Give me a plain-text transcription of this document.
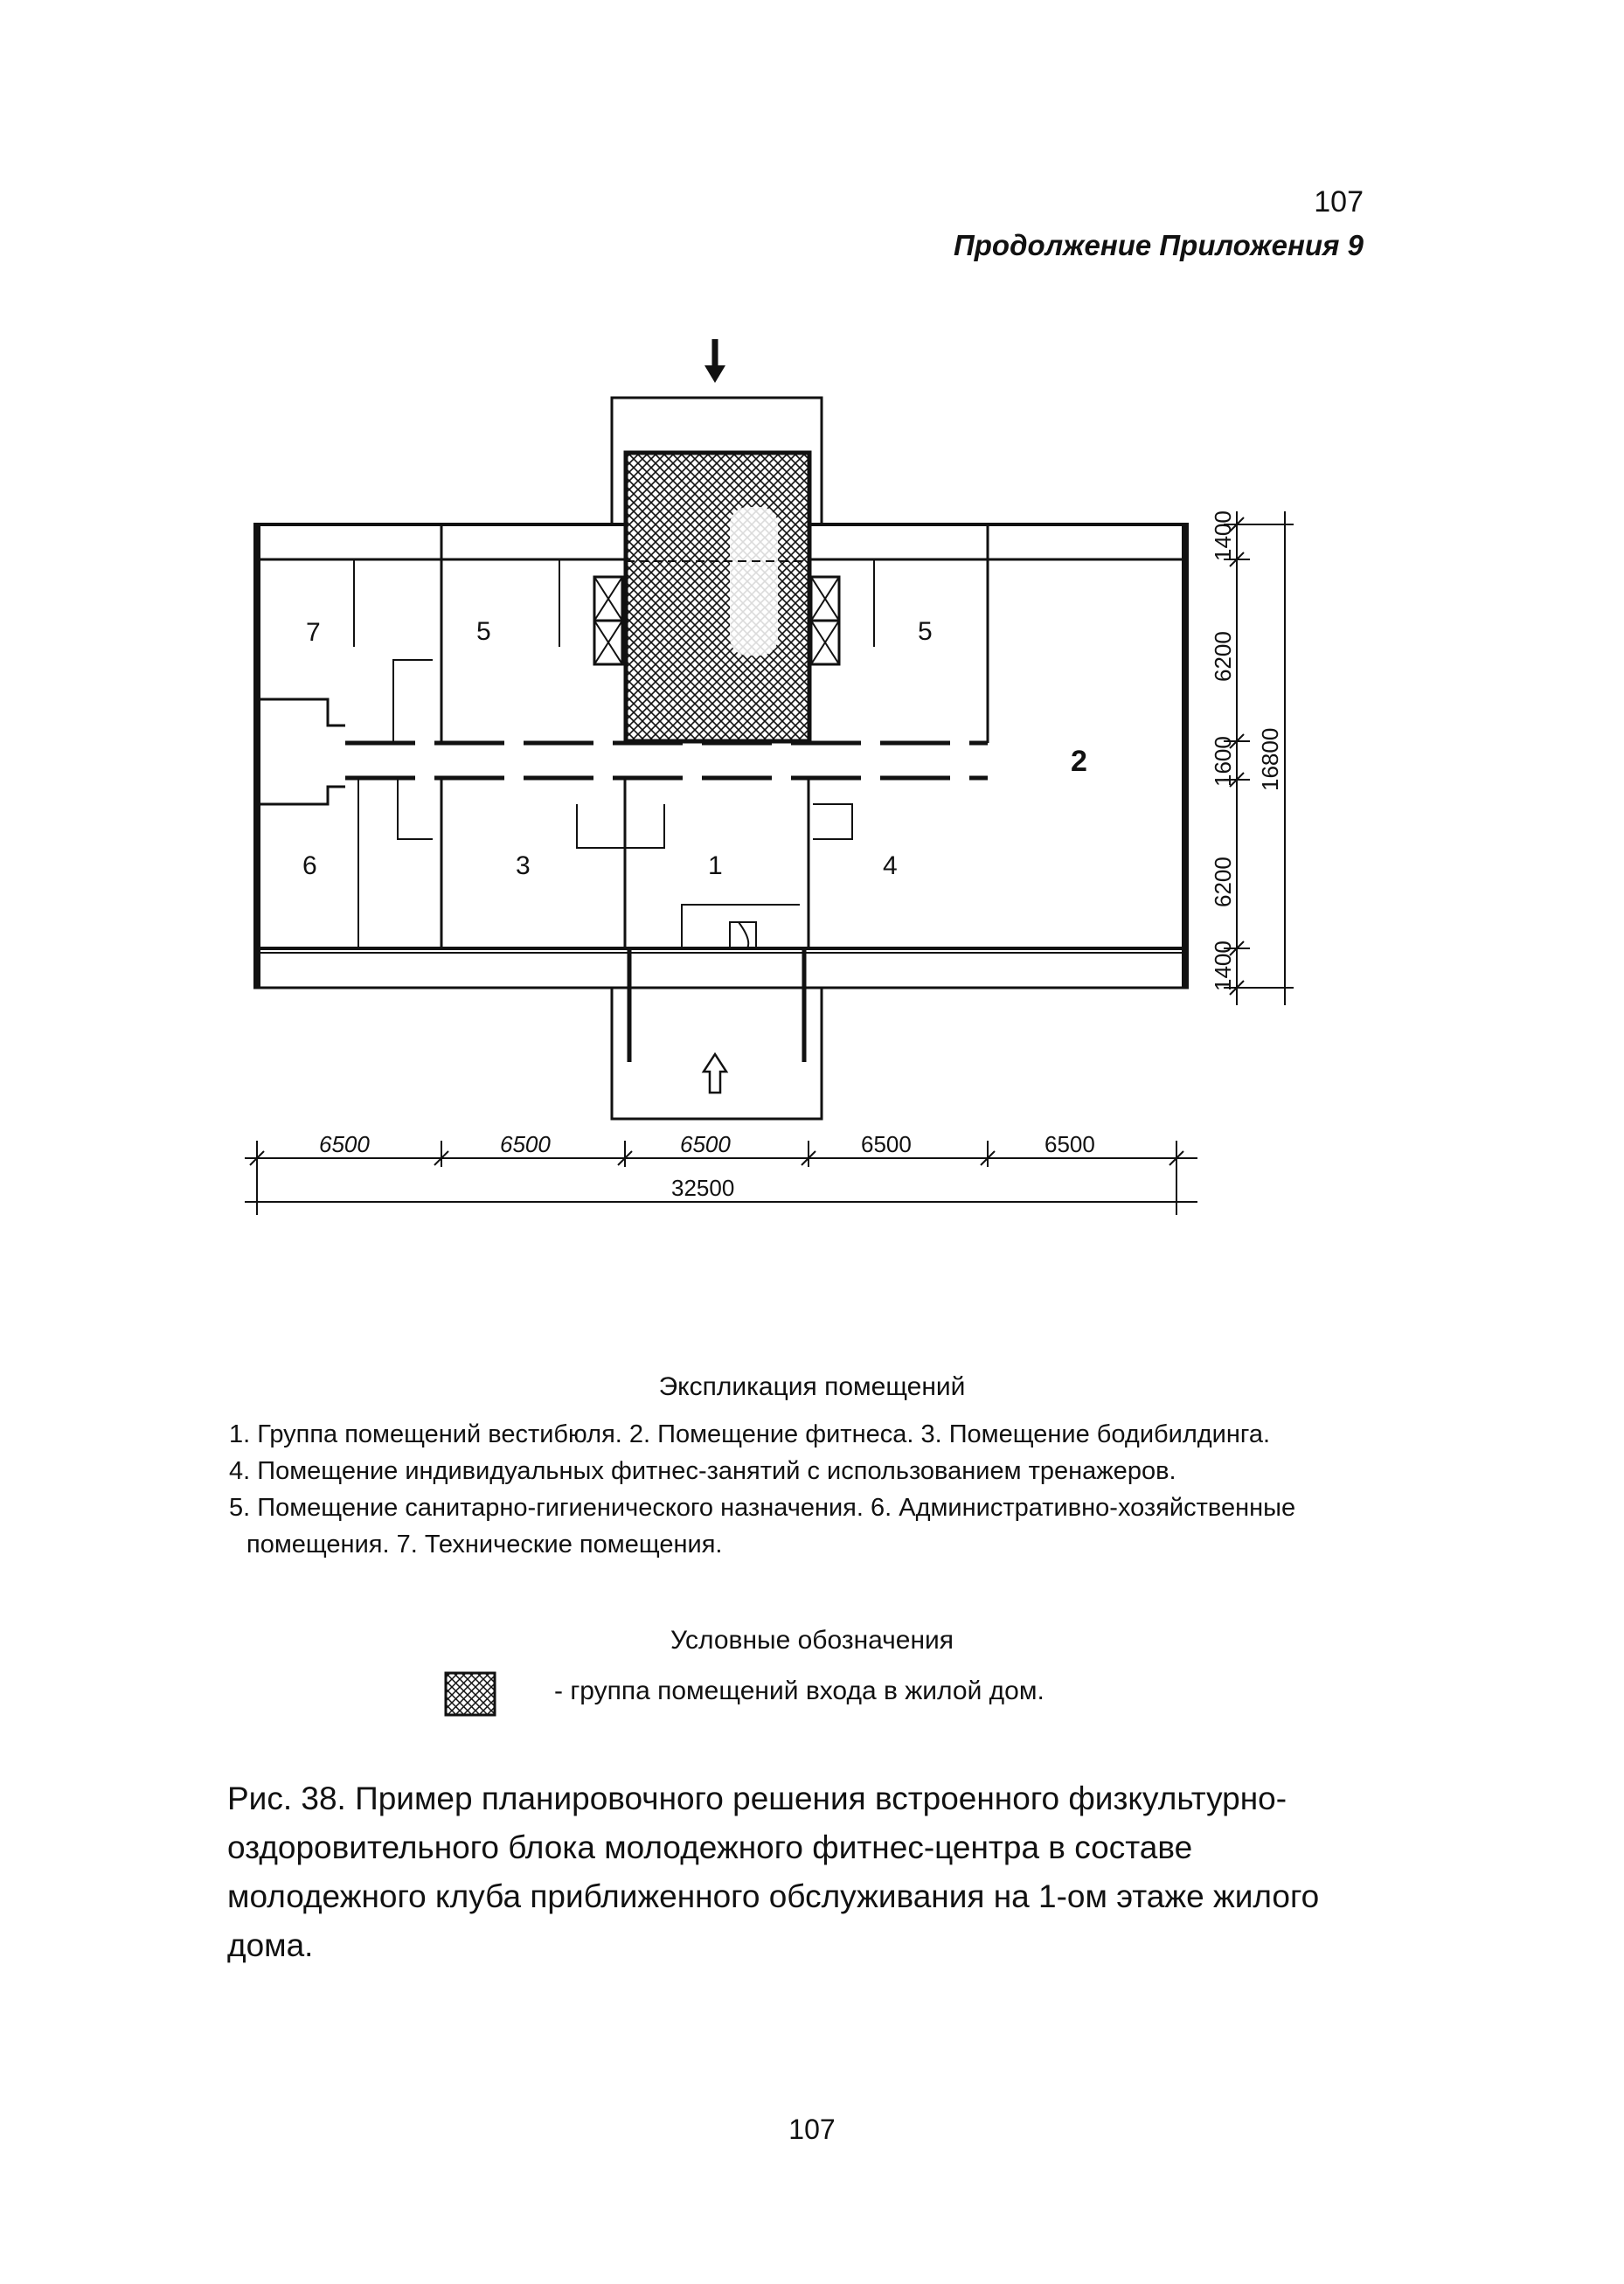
107
Продолжение Приложения 9
7	5	5
2
6	3	1	4
6500	6500	6500	6500	6500
32500
1400
6200
1600
6200
1400
16800
Экспликация помещений
1. Группа помещений вестибюля. 2. Помещение фитнеса. 3. Помещение бодибилдинга.
4. Помещение индивидуальных фитнес-занятий с использованием тренажеров.
5. Помещение санитарно-гигиенического назначения. 6. Административно-хозяйственные
помещения. 7. Технические помещения.
Условные обозначения
- группа помещений входа в жилой дом.
Рис. 38. Пример планировочного решения встроенного физкультурно-оздоровительного блока молодежного фитнес-центра в составе молодежного клуба приближенного обслуживания на 1-ом этаже жилого дома.
107
